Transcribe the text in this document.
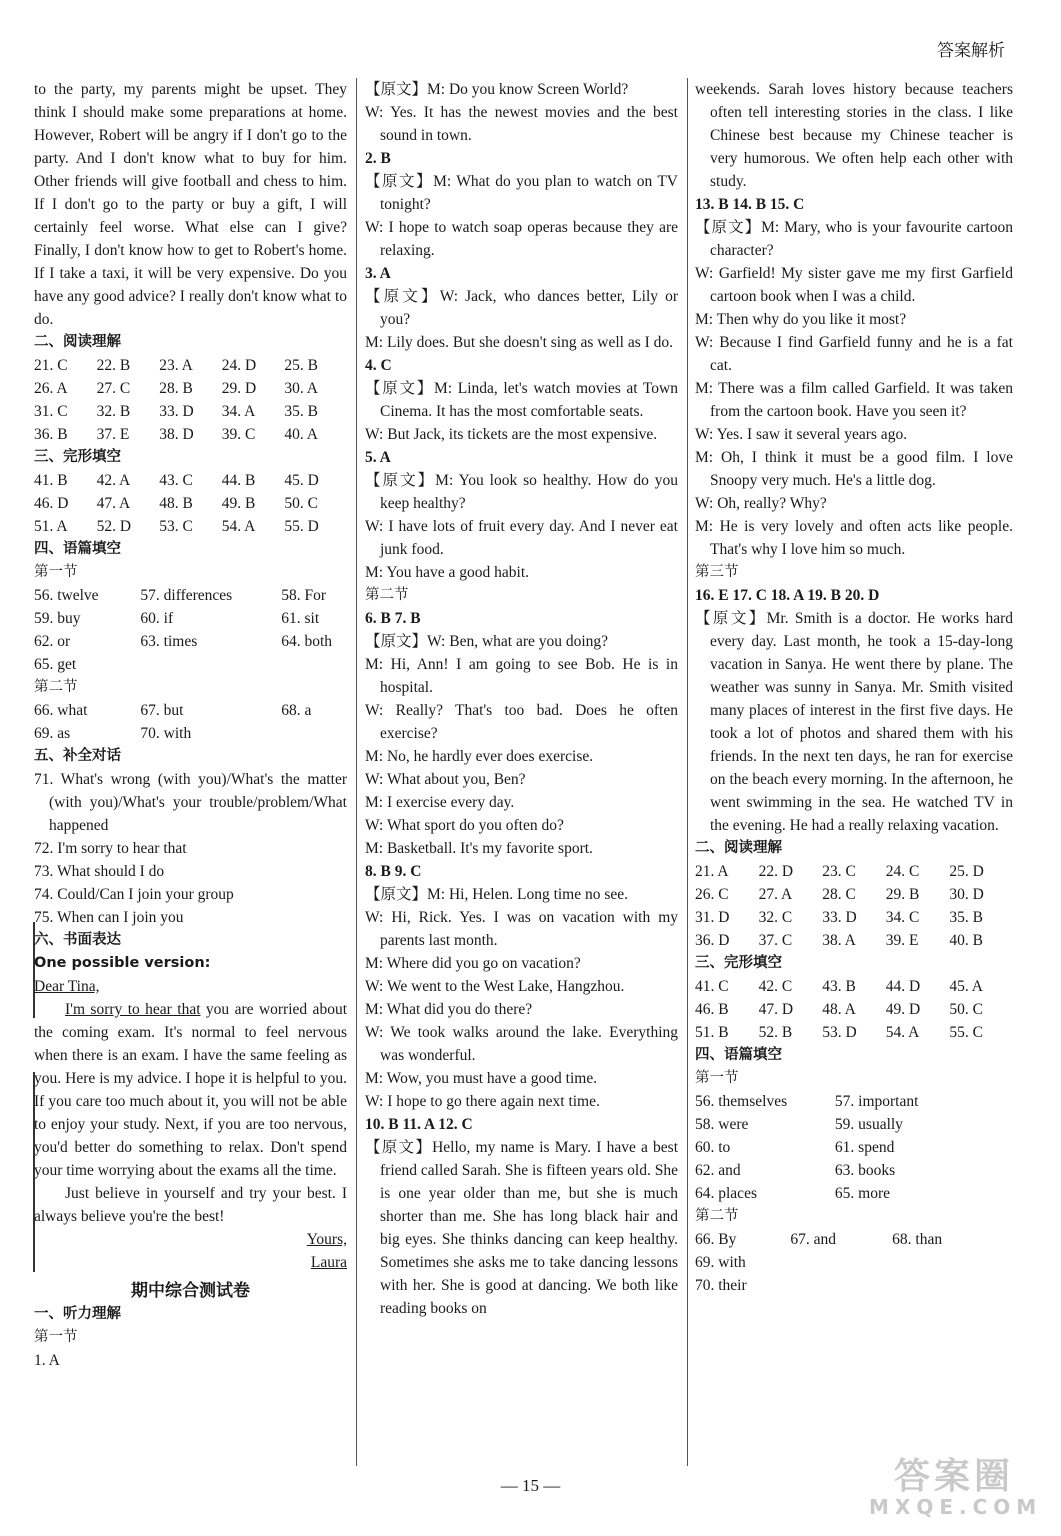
答案解析
to the party, my parents might be upset. They think I should make some preparations at home. However, Robert will be angry if I don't go to the party. And I don't know what to buy for him. Other friends will give football and chess to him. If I don't go to the party or buy a gift, I will certainly feel worse. What else can I give? Finally, I don't know how to get to Robert's home. If I take a taxi, it will be very expensive. Do you have any good advice? I really don't know what to do.
二、阅读理解
21. C	22. B	23. A	24. D	25. B
26. A	27. C	28. B	29. D	30. A
31. C	32. B	33. D	34. A	35. B
36. B	37. E	38. D	39. C	40. A
三、完形填空
41. B	42. A	43. C	44. B	45. D
46. D	47. A	48. B	49. B	50. C
51. A	52. D	53. C	54. A	55. D
四、语篇填空
第一节
56. twelve	57. differences	58. For
59. buy	60. if	61. sit
62. or	63. times	64. both
65. get
第二节
66. what	67. but	68. a
69. as	70. with
五、补全对话
71. What's wrong (with you)/What's the matter (with you)/What's your trouble/problem/What happened
72. I'm sorry to hear that
73. What should I do
74. Could/Can I join your group
75. When can I join you
六、书面表达
One possible version:
Dear Tina,
I'm sorry to hear that you are worried about the coming exam. It's normal to feel nervous when there is an exam. I have the same feeling as you. Here is my advice. I hope it is helpful to you. If you care too much about it, you will not be able to enjoy your study. Next, if you are too nervous, you'd better do something to relax. Don't spend your time worrying about the exams all the time.
Just believe in yourself and try your best. I always believe you're the best!
Yours,
Laura
期中综合测试卷
一、听力理解
第一节
1. A
【原文】M: Do you know Screen World?
W: Yes. It has the newest movies and the best sound in town.
2. B
【原文】M: What do you plan to watch on TV tonight?
W: I hope to watch soap operas because they are relaxing.
3. A
【原文】W: Jack, who dances better, Lily or you?
M: Lily does. But she doesn't sing as well as I do.
4. C
【原文】M: Linda, let's watch movies at Town Cinema. It has the most comfortable seats.
W: But Jack, its tickets are the most expensive.
5. A
【原文】M: You look so healthy. How do you keep healthy?
W: I have lots of fruit every day. And I never eat junk food.
M: You have a good habit.
第二节
6. B 7. B
【原文】W: Ben, what are you doing?
M: Hi, Ann! I am going to see Bob. He is in hospital.
W: Really? That's too bad. Does he often exercise?
M: No, he hardly ever does exercise.
W: What about you, Ben?
M: I exercise every day.
W: What sport do you often do?
M: Basketball. It's my favorite sport.
8. B 9. C
【原文】M: Hi, Helen. Long time no see.
W: Hi, Rick. Yes. I was on vacation with my parents last month.
M: Where did you go on vacation?
W: We went to the West Lake, Hangzhou.
M: What did you do there?
W: We took walks around the lake. Everything was wonderful.
M: Wow, you must have a good time.
W: I hope to go there again next time.
10. B 11. A 12. C
【原文】Hello, my name is Mary. I have a best friend called Sarah. She is fifteen years old. She is one year older than me, but she is much shorter than me. She has long black hair and big eyes. She thinks dancing can keep healthy. Sometimes she asks me to take dancing lessons with her. She is good at dancing. We both like reading books on
weekends. Sarah loves history because teachers often tell interesting stories in the class. I like Chinese best because my Chinese teacher is very humorous. We often help each other with study.
13. B 14. B 15. C
【原文】M: Mary, who is your favourite cartoon character?
W: Garfield! My sister gave me my first Garfield cartoon book when I was a child.
M: Then why do you like it most?
W: Because I find Garfield funny and he is a fat cat.
M: There was a film called Garfield. It was taken from the cartoon book. Have you seen it?
W: Yes. I saw it several years ago.
M: Oh, I think it must be a good film. I love Snoopy very much. He's a little dog.
W: Oh, really? Why?
M: He is very lovely and often acts like people. That's why I love him so much.
第三节
16. E 17. C 18. A 19. B 20. D
【原文】Mr. Smith is a doctor. He works hard every day. Last month, he took a 15-day-long vacation in Sanya. He went there by plane. The weather was sunny in Sanya. Mr. Smith visited many places of interest in the first five days. He took a lot of photos and shared them with his friends. In the next ten days, he ran for exercise on the beach every morning. In the afternoon, he went swimming in the sea. He watched TV in the evening. He had a really relaxing vacation.
二、阅读理解
21. A	22. D	23. C	24. C	25. D
26. C	27. A	28. C	29. B	30. D
31. D	32. C	33. D	34. C	35. B
36. D	37. C	38. A	39. E	40. B
三、完形填空
41. C	42. C	43. B	44. D	45. A
46. B	47. D	48. A	49. D	50. C
51. B	52. B	53. D	54. A	55. C
四、语篇填空
第一节
56. themselves	57. important
58. were	59. usually
60. to	61. spend
62. and	63. books
64. places	65. more
第二节
66. By	67. and	68. than
69. with
70. their
— 15 —	答案圈
MXQE.COM
